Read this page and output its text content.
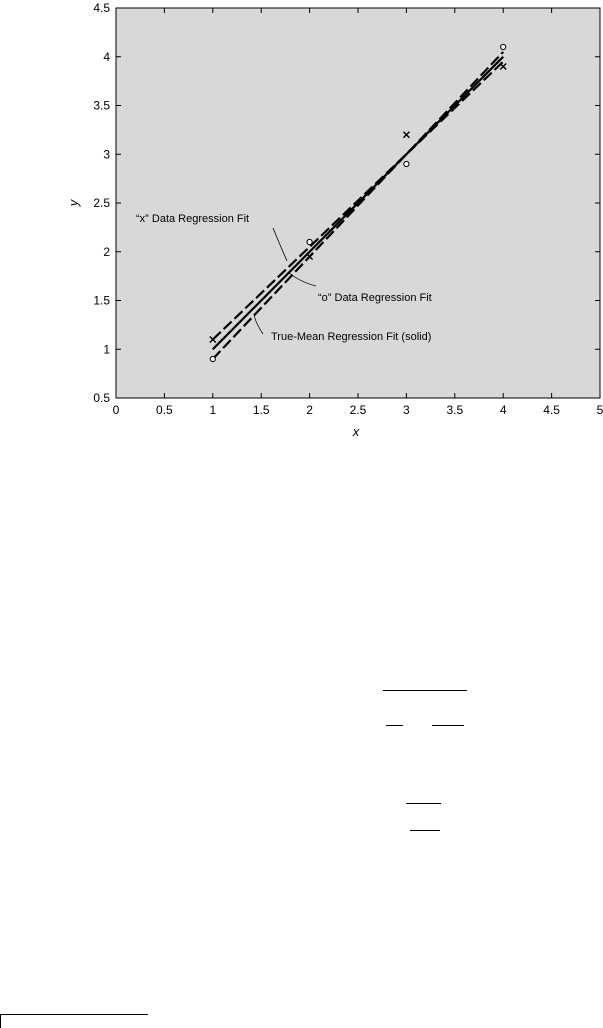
0	0.5	1	1.5	2	2.5	3	3.5	4	4.5	5
0.5
1
1.5
2
2.5
3
3.5
4
4.5
x
y
“x” Data Regression Fit
“o” Data Regression Fit
True-Mean Regression Fit (solid)
